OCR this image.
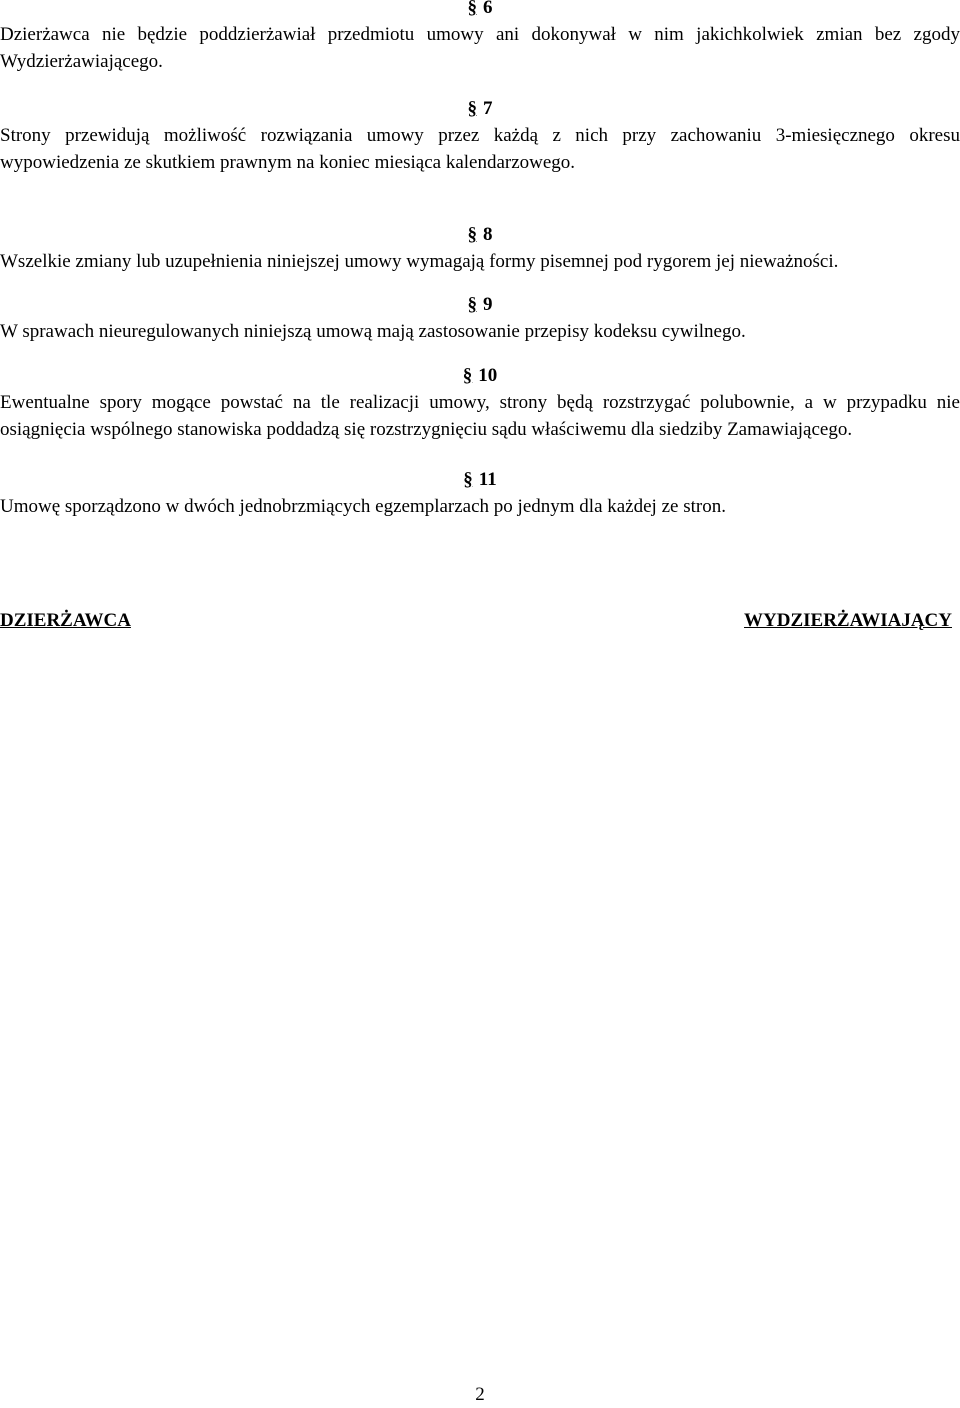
§ 6
Dzierżawca nie będzie poddzierżawiał przedmiotu umowy ani dokonywał w nim jakichkolwiek zmian bez zgody Wydzierżawiającego.
§ 7
Strony przewidują możliwość rozwiązania umowy przez każdą z nich przy zachowaniu 3-miesięcznego okresu wypowiedzenia ze skutkiem prawnym na koniec miesiąca kalendarzowego.
§ 8
Wszelkie zmiany lub uzupełnienia niniejszej umowy wymagają formy pisemnej pod rygorem jej nieważności.
§ 9
W sprawach nieuregulowanych niniejszą umową mają zastosowanie przepisy kodeksu cywilnego.
§ 10
Ewentualne spory mogące powstać na tle realizacji umowy, strony będą rozstrzygać polubownie, a w przypadku nie osiągnięcia wspólnego stanowiska poddadzą się rozstrzygnięciu sądu właściwemu dla siedziby Zamawiającego.
§ 11
Umowę sporządzono w dwóch jednobrzmiących egzemplarzach po jednym dla każdej ze stron.
DZIERŻAWCA	WYDZIERŻAWIAJĄCY
2
